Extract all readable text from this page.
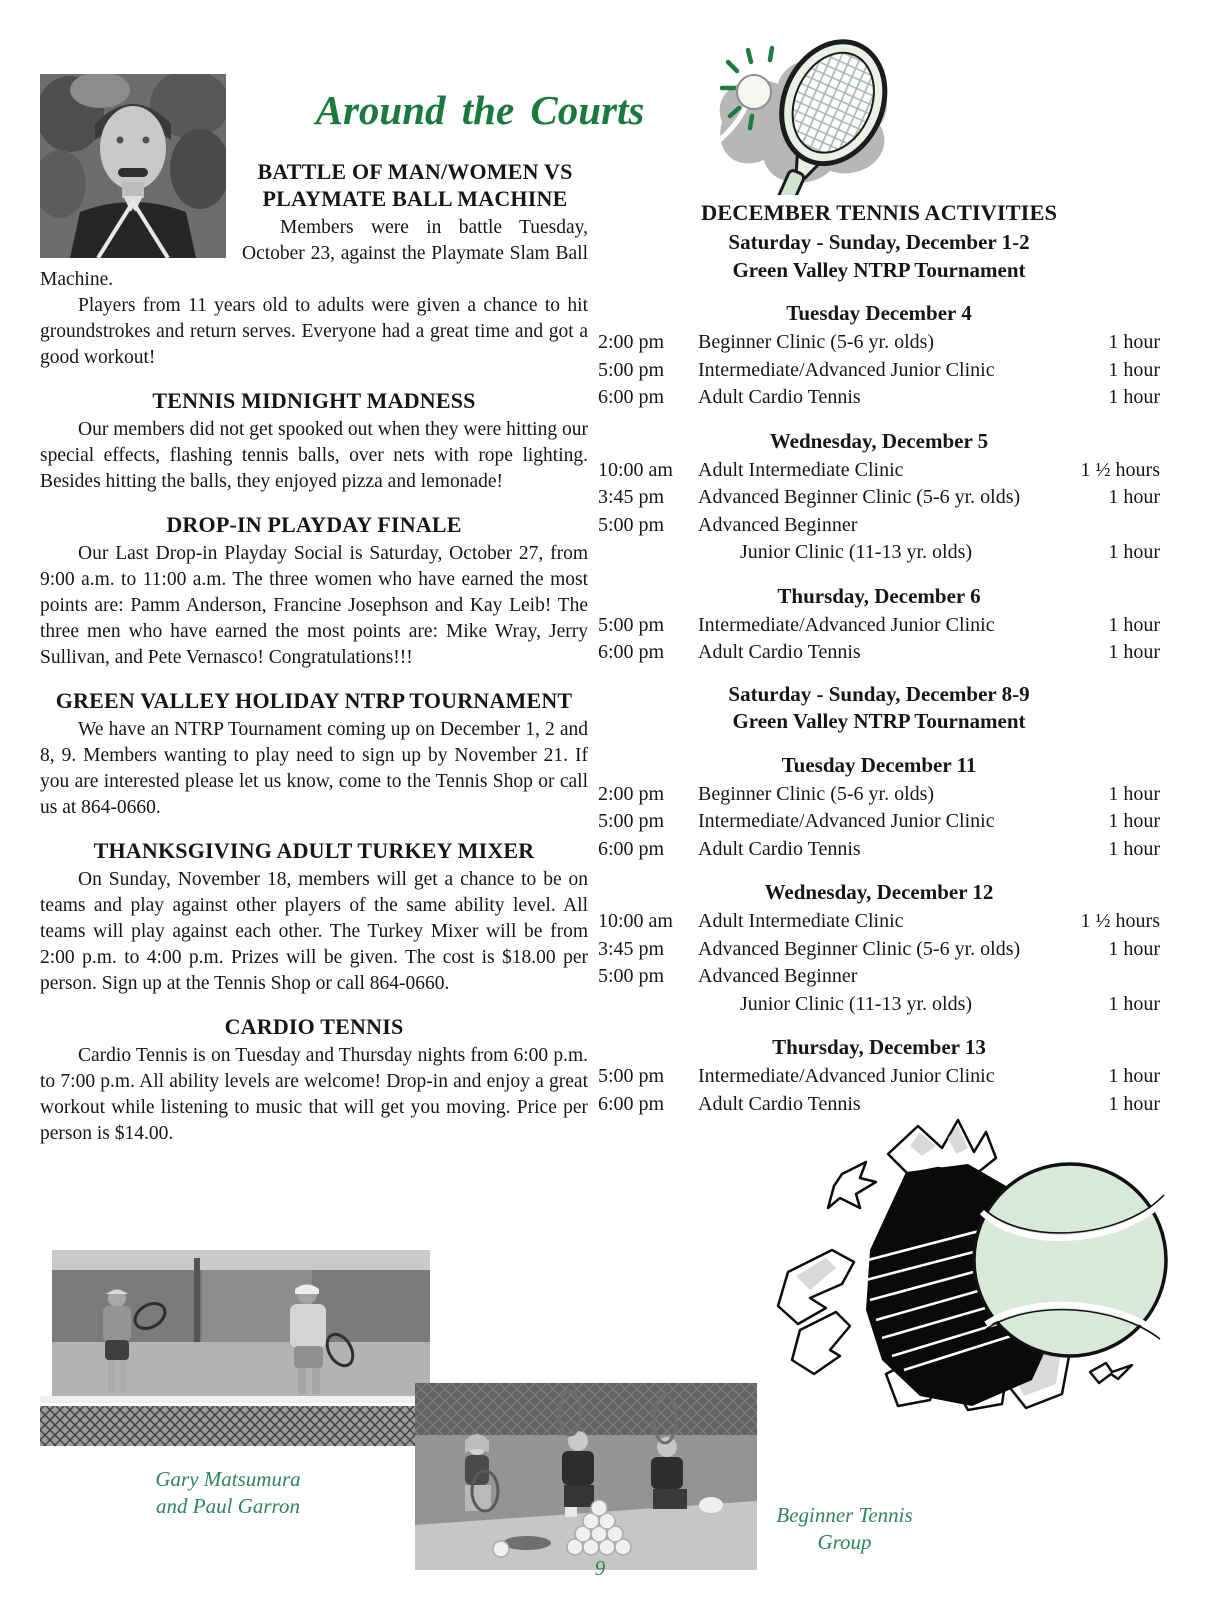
Around the Courts
BATTLE OF MAN/WOMEN VS PLAYMATE BALL MACHINE

Members were in battle Tuesday, October 23, against the Playmate Slam Ball Machine.

Players from 11 years old to adults were given a chance to hit groundstrokes and return serves. Everyone had a great time and got a good workout!

TENNIS MIDNIGHT MADNESS

Our members did not get spooked out when they were hitting our special effects, flashing tennis balls, over nets with rope lighting. Besides hitting the balls, they enjoyed pizza and lemonade!

DROP-IN PLAYDAY FINALE

Our Last Drop-in Playday Social is Saturday, October 27, from 9:00 a.m. to 11:00 a.m. The three women who have earned the most points are: Pamm Anderson, Francine Josephson and Kay Leib! The three men who have earned the most points are: Mike Wray, Jerry Sullivan, and Pete Vernasco! Congratulations!!!

GREEN VALLEY HOLIDAY NTRP TOURNAMENT

We have an NTRP Tournament coming up on December 1, 2 and 8, 9. Members wanting to play need to sign up by November 21. If you are interested please let us know, come to the Tennis Shop or call us at 864-0660.

THANKSGIVING ADULT TURKEY MIXER

On Sunday, November 18, members will get a chance to be on teams and play against other players of the same ability level. All teams will play against each other. The Turkey Mixer will be from 2:00 p.m. to 4:00 p.m. Prizes will be given. The cost is $18.00 per person. Sign up at the Tennis Shop or call 864-0660.

CARDIO TENNIS

Cardio Tennis is on Tuesday and Thursday nights from 6:00 p.m. to 7:00 p.m. All ability levels are welcome! Drop-in and enjoy a great workout while listening to music that will get you moving. Price per person is $14.00.

DECEMBER TENNIS ACTIVITIES
Saturday - Sunday, December 1-2
Green Valley NTRP Tournament
Tuesday December 4
2:00 pm	Beginner Clinic (5-6 yr. olds)	1 hour
5:00 pm	Intermediate/Advanced Junior Clinic	1 hour
6:00 pm	Adult Cardio Tennis	1 hour
Wednesday, December 5
10:00 am	Adult Intermediate Clinic	1 ½ hours
3:45 pm	Advanced Beginner Clinic (5-6 yr. olds)	1 hour
5:00 pm	Advanced Beginner
Junior Clinic (11-13 yr. olds)	1 hour
Thursday, December 6
5:00 pm	Intermediate/Advanced Junior Clinic	1 hour
6:00 pm	Adult Cardio Tennis	1 hour
Saturday - Sunday, December 8-9
Green Valley NTRP Tournament
Tuesday December 11
2:00 pm	Beginner Clinic (5-6 yr. olds)	1 hour
5:00 pm	Intermediate/Advanced Junior Clinic	1 hour
6:00 pm	Adult Cardio Tennis	1 hour
Wednesday, December 12
10:00 am	Adult Intermediate Clinic	1 ½ hours
3:45 pm	Advanced Beginner Clinic (5-6 yr. olds)	1 hour
5:00 pm	Advanced Beginner
Junior Clinic (11-13 yr. olds)	1 hour
Thursday, December 13
5:00 pm	Intermediate/Advanced Junior Clinic	1 hour
6:00 pm	Adult Cardio Tennis	1 hour
Gary Matsumura
and Paul Garron	Beginner Tennis
Group
9
